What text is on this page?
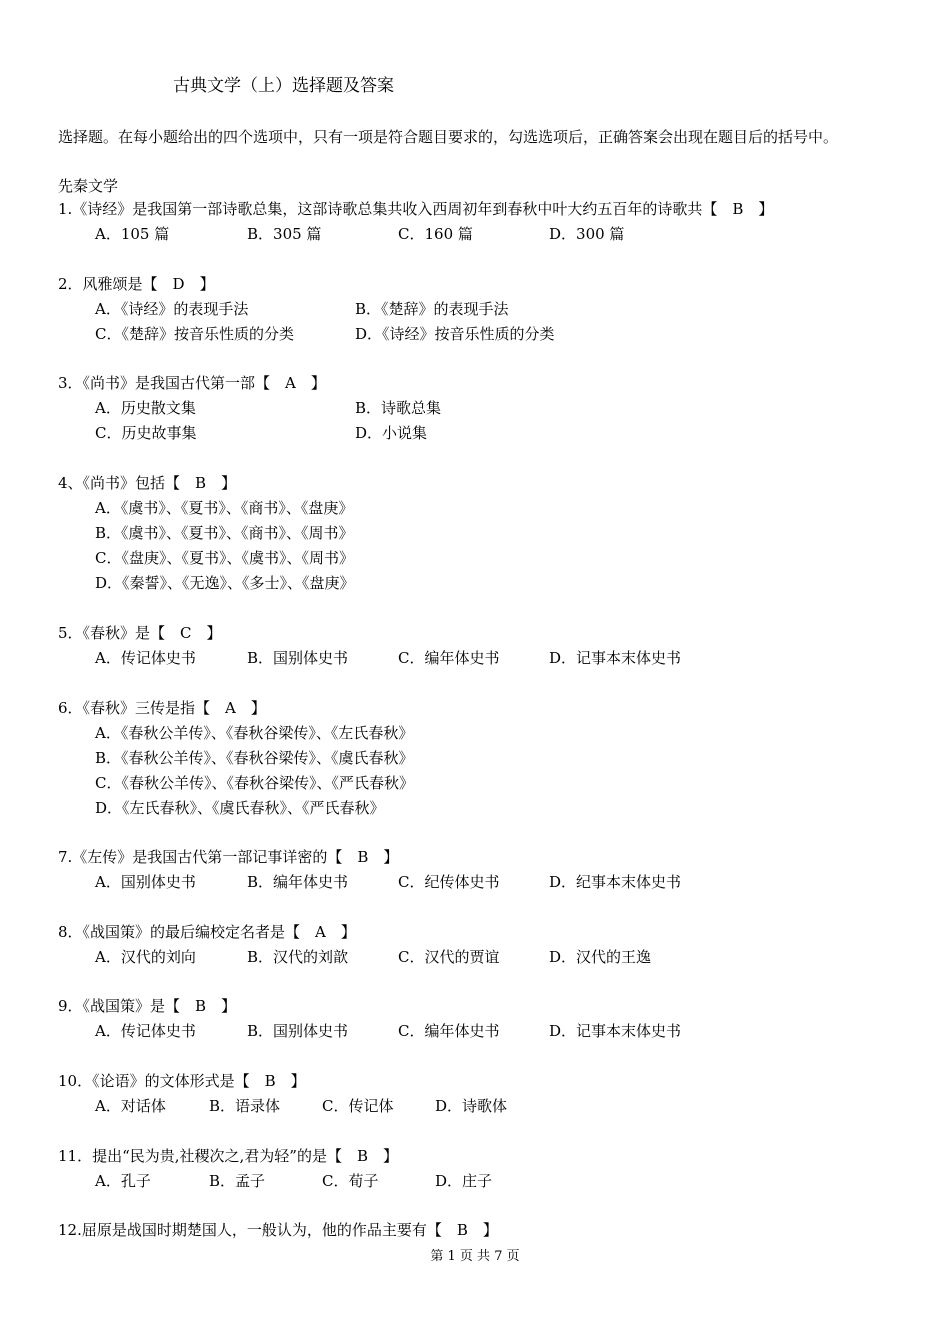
古典文学（上）选择题及答案
选择题。在每小题给出的四个选项中，只有一项是符合题目要求的，勾选选项后，正确答案会出现在题目后的括号中。
先秦文学
1.《诗经》是我国第一部诗歌总集，这部诗歌总集共收入西周初年到春秋中叶大约五百年的诗歌共【　B　】
A．105 篇	B．305 篇	C．160 篇	D．300 篇
2．风雅颂是【　D　】
A．《诗经》的表现手法	B．《楚辞》的表现手法
C．《楚辞》按音乐性质的分类	D．《诗经》按音乐性质的分类
3．《尚书》是我国古代第一部【　A　】
A．历史散文集	B．诗歌总集
C．历史故事集	D．小说集
4、《尚书》包括【　B　】
A．《虞书》、《夏书》、《商书》、《盘庚》
B．《虞书》、《夏书》、《商书》、《周书》
C．《盘庚》、《夏书》、《虞书》、《周书》
D．《秦誓》、《无逸》、《多士》、《盘庚》
5．《春秋》是【　C　】
A．传记体史书	B．国别体史书	C．编年体史书	D．记事本末体史书
6．《春秋》三传是指【　A　】
A．《春秋公羊传》、《春秋谷梁传》、《左氏春秋》
B．《春秋公羊传》、《春秋谷梁传》、《虞氏春秋》
C．《春秋公羊传》、《春秋谷梁传》、《严氏春秋》
D．《左氏春秋》、《虞氏春秋》、《严氏春秋》
7.《左传》是我国古代第一部记事详密的【　B　】
A．国别体史书	B．编年体史书	C．纪传体史书	D．纪事本末体史书
8．《战国策》的最后编校定名者是【　A　】
A．汉代的刘向	B．汉代的刘歆	C．汉代的贾谊	D．汉代的王逸
9．《战国策》是【　B　】
A．传记体史书	B．国别体史书	C．编年体史书	D．记事本末体史书
10．《论语》的文体形式是【　B　】
A．对话体	B．语录体	C．传记体	D．诗歌体
11．提出“民为贵,社稷次之,君为轻”的是【　B　】
A．孔子	B．孟子	C．荀子	D．庄子
12.屈原是战国时期楚国人，一般认为，他的作品主要有【　B　】
第 1 页 共 7 页
